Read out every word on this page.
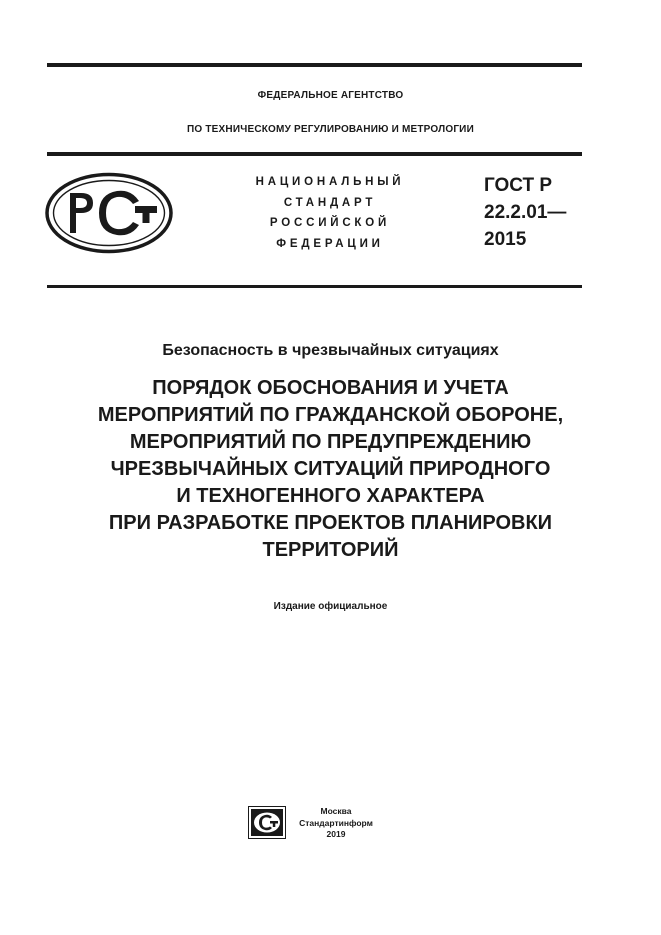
ФЕДЕРАЛЬНОЕ АГЕНТСТВО
ПО ТЕХНИЧЕСКОМУ РЕГУЛИРОВАНИЮ И МЕТРОЛОГИИ
НАЦИОНАЛЬНЫЙ
СТАНДАРТ
РОССИЙСКОЙ
ФЕДЕРАЦИИ
ГОСТ Р
22.2.01—
2015
Безопасность в чрезвычайных ситуациях
ПОРЯДОК ОБОСНОВАНИЯ И УЧЕТА
МЕРОПРИЯТИЙ ПО ГРАЖДАНСКОЙ ОБОРОНЕ,
МЕРОПРИЯТИЙ ПО ПРЕДУПРЕЖДЕНИЮ
ЧРЕЗВЫЧАЙНЫХ СИТУАЦИЙ ПРИРОДНОГО
И ТЕХНОГЕННОГО ХАРАКТЕРА
ПРИ РАЗРАБОТКЕ ПРОЕКТОВ ПЛАНИРОВКИ
ТЕРРИТОРИЙ
Издание официальное
Москва
Стандартинформ
2019
